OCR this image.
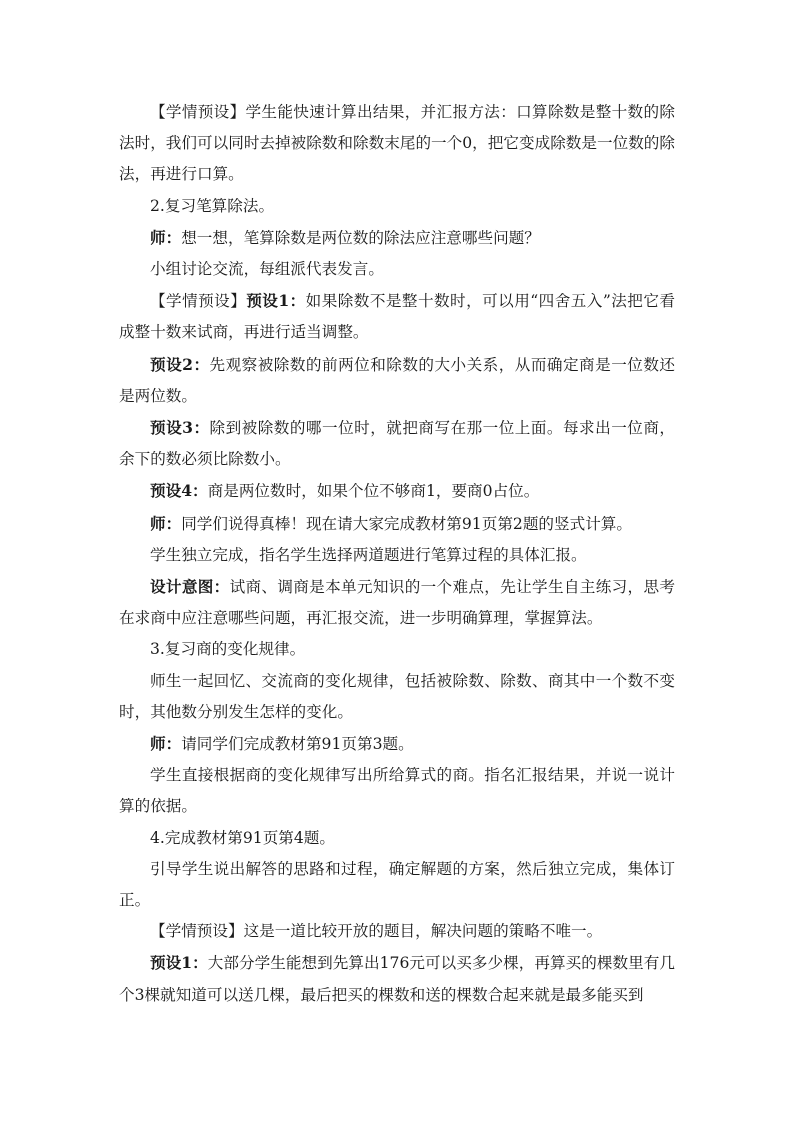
【学情预设】学生能快速计算出结果，并汇报方法：口算除数是整十数的除法时，我们可以同时去掉被除数和除数末尾的一个0，把它变成除数是一位数的除法，再进行口算。

2.复习笔算除法。

师：想一想，笔算除数是两位数的除法应注意哪些问题？

小组讨论交流，每组派代表发言。

【学情预设】预设1：如果除数不是整十数时，可以用“四舍五入”法把它看成整十数来试商，再进行适当调整。

预设2：先观察被除数的前两位和除数的大小关系，从而确定商是一位数还是两位数。

预设3：除到被除数的哪一位时，就把商写在那一位上面。每求出一位商，余下的数必须比除数小。

预设4：商是两位数时，如果个位不够商1，要商0占位。

师：同学们说得真棒！现在请大家完成教材第91页第2题的竖式计算。

学生独立完成，指名学生选择两道题进行笔算过程的具体汇报。

设计意图：试商、调商是本单元知识的一个难点，先让学生自主练习，思考在求商中应注意哪些问题，再汇报交流，进一步明确算理，掌握算法。

3.复习商的变化规律。

师生一起回忆、交流商的变化规律，包括被除数、除数、商其中一个数不变时，其他数分别发生怎样的变化。

师：请同学们完成教材第91页第3题。

学生直接根据商的变化规律写出所给算式的商。指名汇报结果，并说一说计算的依据。

4.完成教材第91页第4题。

引导学生说出解答的思路和过程，确定解题的方案，然后独立完成，集体订正。

【学情预设】这是一道比较开放的题目，解决问题的策略不唯一。

预设1：大部分学生能想到先算出176元可以买多少棵，再算买的棵数里有几个3棵就知道可以送几棵，最后把买的棵数和送的棵数合起来就是最多能买到
